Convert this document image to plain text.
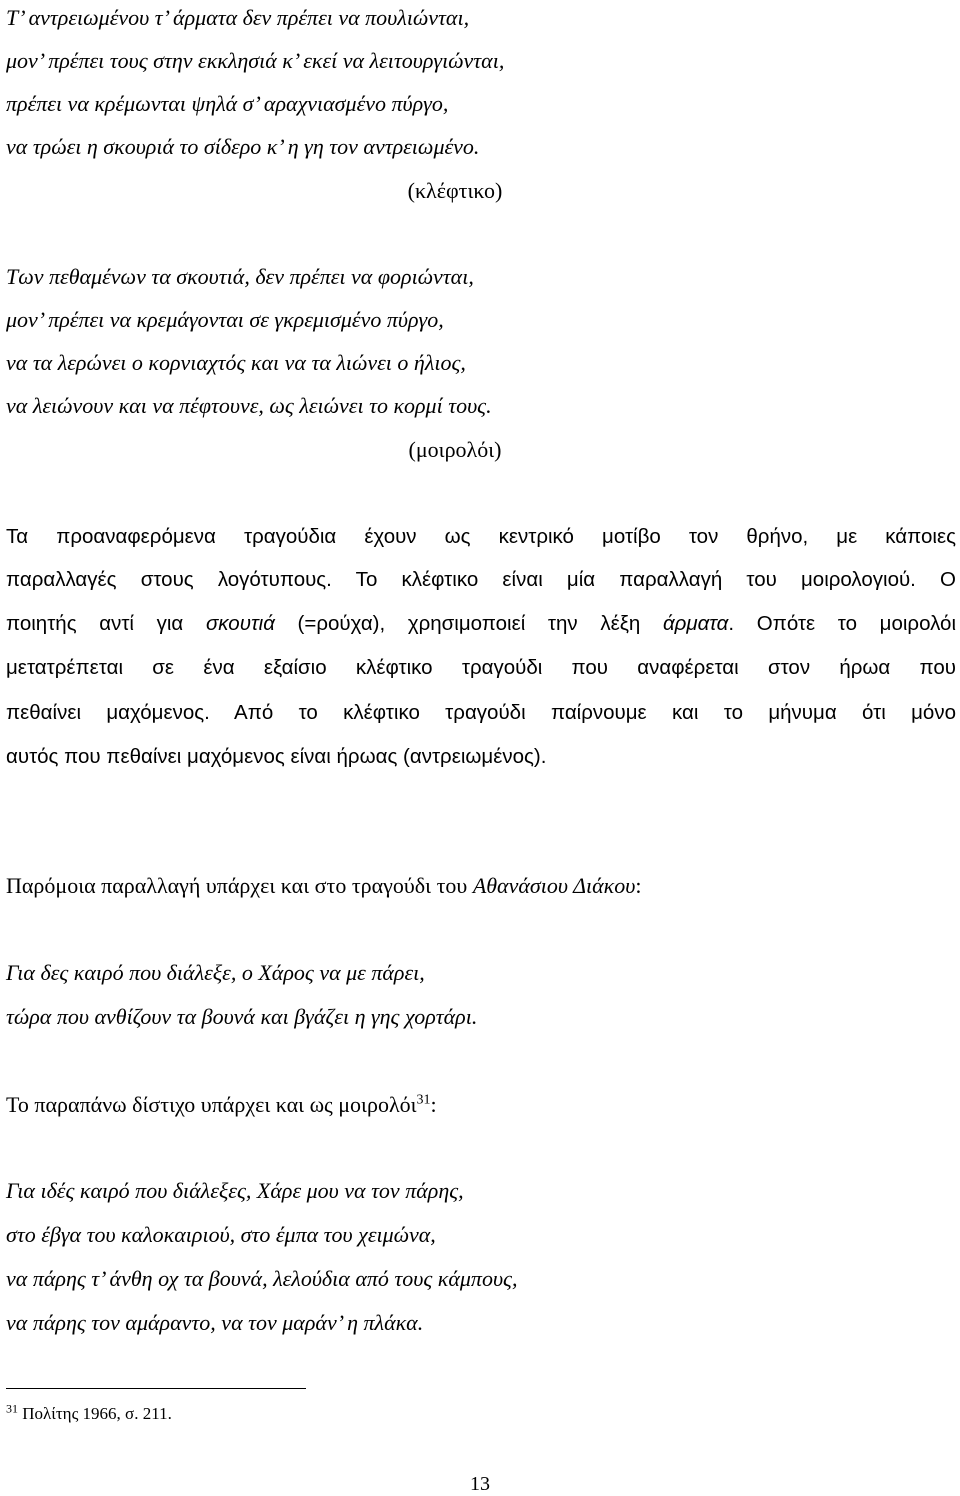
Τ’ αντρειωμένου τ’ άρματα δεν πρέπει να πουλιώνται,
μον’ πρέπει τους στην εκκλησιά κ’ εκεί να λειτουργιώνται,
πρέπει να κρέμωνται ψηλά σ’ αραχνιασμένο πύργο,
να τρώει η σκουριά το σίδερο κ’ η γη τον αντρειωμένο.
(κλέφτικο)
Των πεθαμένων τα σκουτιά, δεν πρέπει να φοριώνται,
μον’ πρέπει να κρεμάγονται σε γκρεμισμένο πύργο,
να τα λερώνει ο κορνιαχτός και να τα λιώνει ο ήλιος,
να λειώνουν και να πέφτουνε, ως λειώνει το κορμί τους.
(μοιρολόι)
Τα προαναφερόμενα τραγούδια έχουν ως κεντρικό μοτίβο τον θρήνο, με κάποιες
παραλλαγές στους λογότυπους. Το κλέφτικο είναι μία παραλλαγή του μοιρολογιού. Ο
ποιητής αντί για σκουτιά (=ρούχα), χρησιμοποιεί την λέξη άρματα. Οπότε το μοιρολόι
μετατρέπεται σε ένα εξαίσιο κλέφτικο τραγούδι που αναφέρεται στον ήρωα που
πεθαίνει μαχόμενος. Από το κλέφτικο τραγούδι παίρνουμε και το μήνυμα ότι μόνο
αυτός που πεθαίνει μαχόμενος είναι ήρωας (αντρειωμένος).
Παρόμοια παραλλαγή υπάρχει και στο τραγούδι του Αθανάσιου Διάκου:
Για δες καιρό που διάλεξε, ο Χάρος να με πάρει,
τώρα που ανθίζουν τα βουνά και βγάζει η γης χορτάρι.
Το παραπάνω δίστιχο υπάρχει και ως μοιρολόι$^{31}$:
Για ιδές καιρό που διάλεξες, Χάρε μου να τον πάρης,
στο έβγα του καλοκαιριού, στο έμπα του χειμώνα,
να πάρης τ’ άνθη οχ τα βουνά, λελούδια από τους κάμπους,
να πάρης τον αμάραντο, να τον μαράν’ η πλάκα.
$^{31}$ Πολίτης 1966, σ. 211.
13
